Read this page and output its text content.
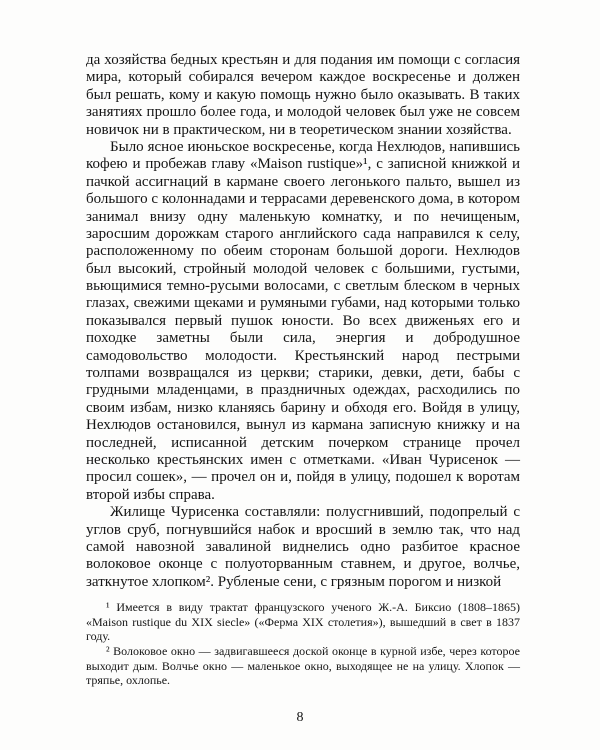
да хозяйства бедных крестьян и для подания им помощи с согласия мира, который собирался вечером каждое воскресенье и должен был решать, кому и какую помощь нужно было оказывать. В таких занятиях прошло более года, и молодой человек был уже не совсем новичок ни в практическом, ни в теоретическом знании хозяйства.

Было ясное июньское воскресенье, когда Нехлюдов, напившись кофею и пробежав главу «Maison rustique»¹, с записной книжкой и пачкой ассигнаций в кармане своего легонького пальто, вышел из большого с колоннадами и террасами деревенского дома, в котором занимал внизу одну маленькую комнатку, и по нечищеным, заросшим дорожкам старого английского сада направился к селу, расположенному по обеим сторонам большой дороги. Нехлюдов был высокий, стройный молодой человек с большими, густыми, вьющимися темно-русыми волосами, с светлым блеском в черных глазах, свежими щеками и румяными губами, над которыми только показывался первый пушок юности. Во всех движеньях его и походке заметны были сила, энергия и добродушное самодовольство молодости. Крестьянский народ пестрыми толпами возвращался из церкви; старики, девки, дети, бабы с грудными младенцами, в праздничных одеждах, расходились по своим избам, низко кланяясь барину и обходя его. Войдя в улицу, Нехлюдов остановился, вынул из кармана записную книжку и на последней, исписанной детским почерком странице прочел несколько крестьянских имен с отметками. «Иван Чурисенок — просил сошек», — прочел он и, пойдя в улицу, подошел к воротам второй избы справа.

Жилище Чурисенка составляли: полусгнивший, подопрелый с углов сруб, погнувшийся набок и вросший в землю так, что над самой навозной завалиной виднелись одно разбитое красное волоковое оконце с полуоторванным ставнем, и другое, волчье, заткнутое хлопком². Рубленые сени, с грязным порогом и низкой

¹ Имеется в виду трактат французского ученого Ж.-А. Биксио (1808–1865) «Maison rustique du XIX siecle» («Ферма XIX столетия»), вышедший в свет в 1837 году.

² Волоковое окно — задвигавшееся доской оконце в курной избе, через которое выходит дым. Волчье окно — маленькое окно, выходящее не на улицу. Хлопок — тряпье, охлопье.

8
